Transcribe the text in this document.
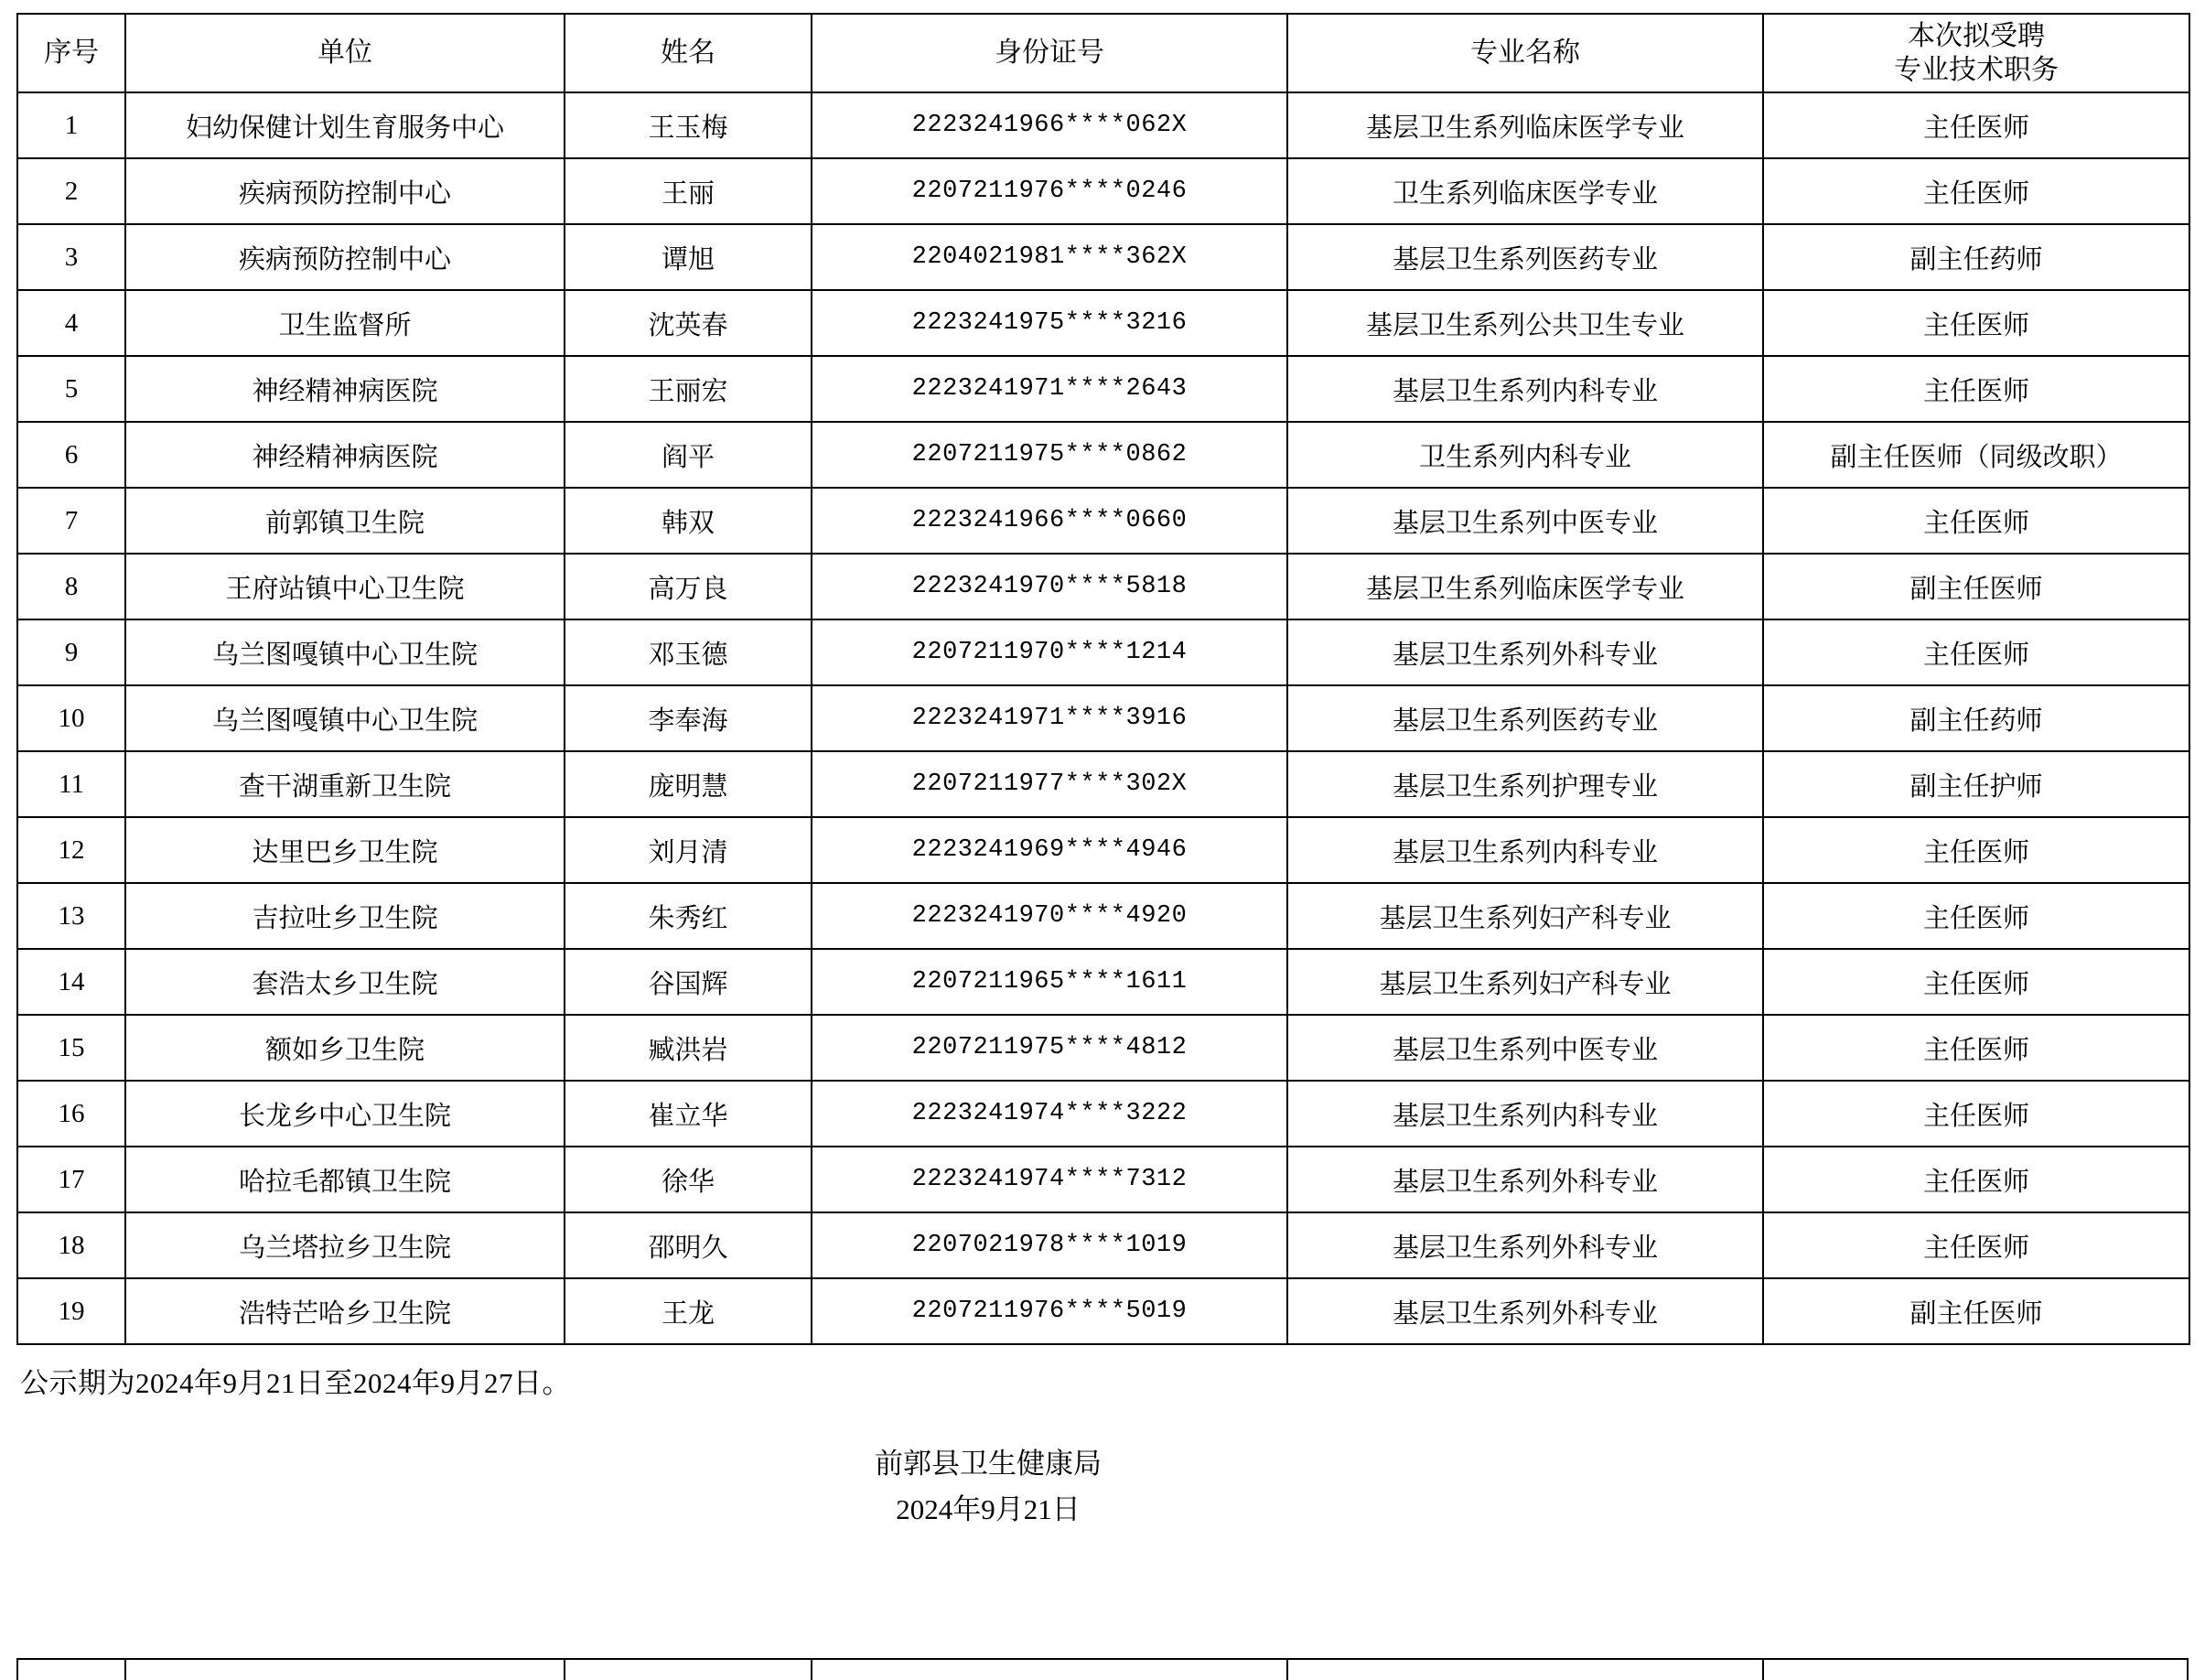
序号	单位	姓名	身份证号	专业名称	本次拟受聘
专业技术职务

1	妇幼保健计划生育服务中心	王玉梅	2223241966****062X	基层卫生系列临床医学专业	主任医师
2	疾病预防控制中心	王丽	2207211976****0246	卫生系列临床医学专业	主任医师
3	疾病预防控制中心	谭旭	2204021981****362X	基层卫生系列医药专业	副主任药师
4	卫生监督所	沈英春	2223241975****3216	基层卫生系列公共卫生专业	主任医师
5	神经精神病医院	王丽宏	2223241971****2643	基层卫生系列内科专业	主任医师
6	神经精神病医院	阎平	2207211975****0862	卫生系列内科专业	副主任医师（同级改职）
7	前郭镇卫生院	韩双	2223241966****0660	基层卫生系列中医专业	主任医师
8	王府站镇中心卫生院	高万良	2223241970****5818	基层卫生系列临床医学专业	副主任医师
9	乌兰图嘎镇中心卫生院	邓玉德	2207211970****1214	基层卫生系列外科专业	主任医师
10	乌兰图嘎镇中心卫生院	李奉海	2223241971****3916	基层卫生系列医药专业	副主任药师
11	查干湖重新卫生院	庞明慧	2207211977****302X	基层卫生系列护理专业	副主任护师
12	达里巴乡卫生院	刘月清	2223241969****4946	基层卫生系列内科专业	主任医师
13	吉拉吐乡卫生院	朱秀红	2223241970****4920	基层卫生系列妇产科专业	主任医师
14	套浩太乡卫生院	谷国辉	2207211965****1611	基层卫生系列妇产科专业	主任医师
15	额如乡卫生院	臧洪岩	2207211975****4812	基层卫生系列中医专业	主任医师
16	长龙乡中心卫生院	崔立华	2223241974****3222	基层卫生系列内科专业	主任医师
17	哈拉毛都镇卫生院	徐华	2223241974****7312	基层卫生系列外科专业	主任医师
18	乌兰塔拉乡卫生院	邵明久	2207021978****1019	基层卫生系列外科专业	主任医师
19	浩特芒哈乡卫生院	王龙	2207211976****5019	基层卫生系列外科专业	副主任医师
公示期为2024年9月21日至2024年9月27日。
前郭县卫生健康局
2024年9月21日
